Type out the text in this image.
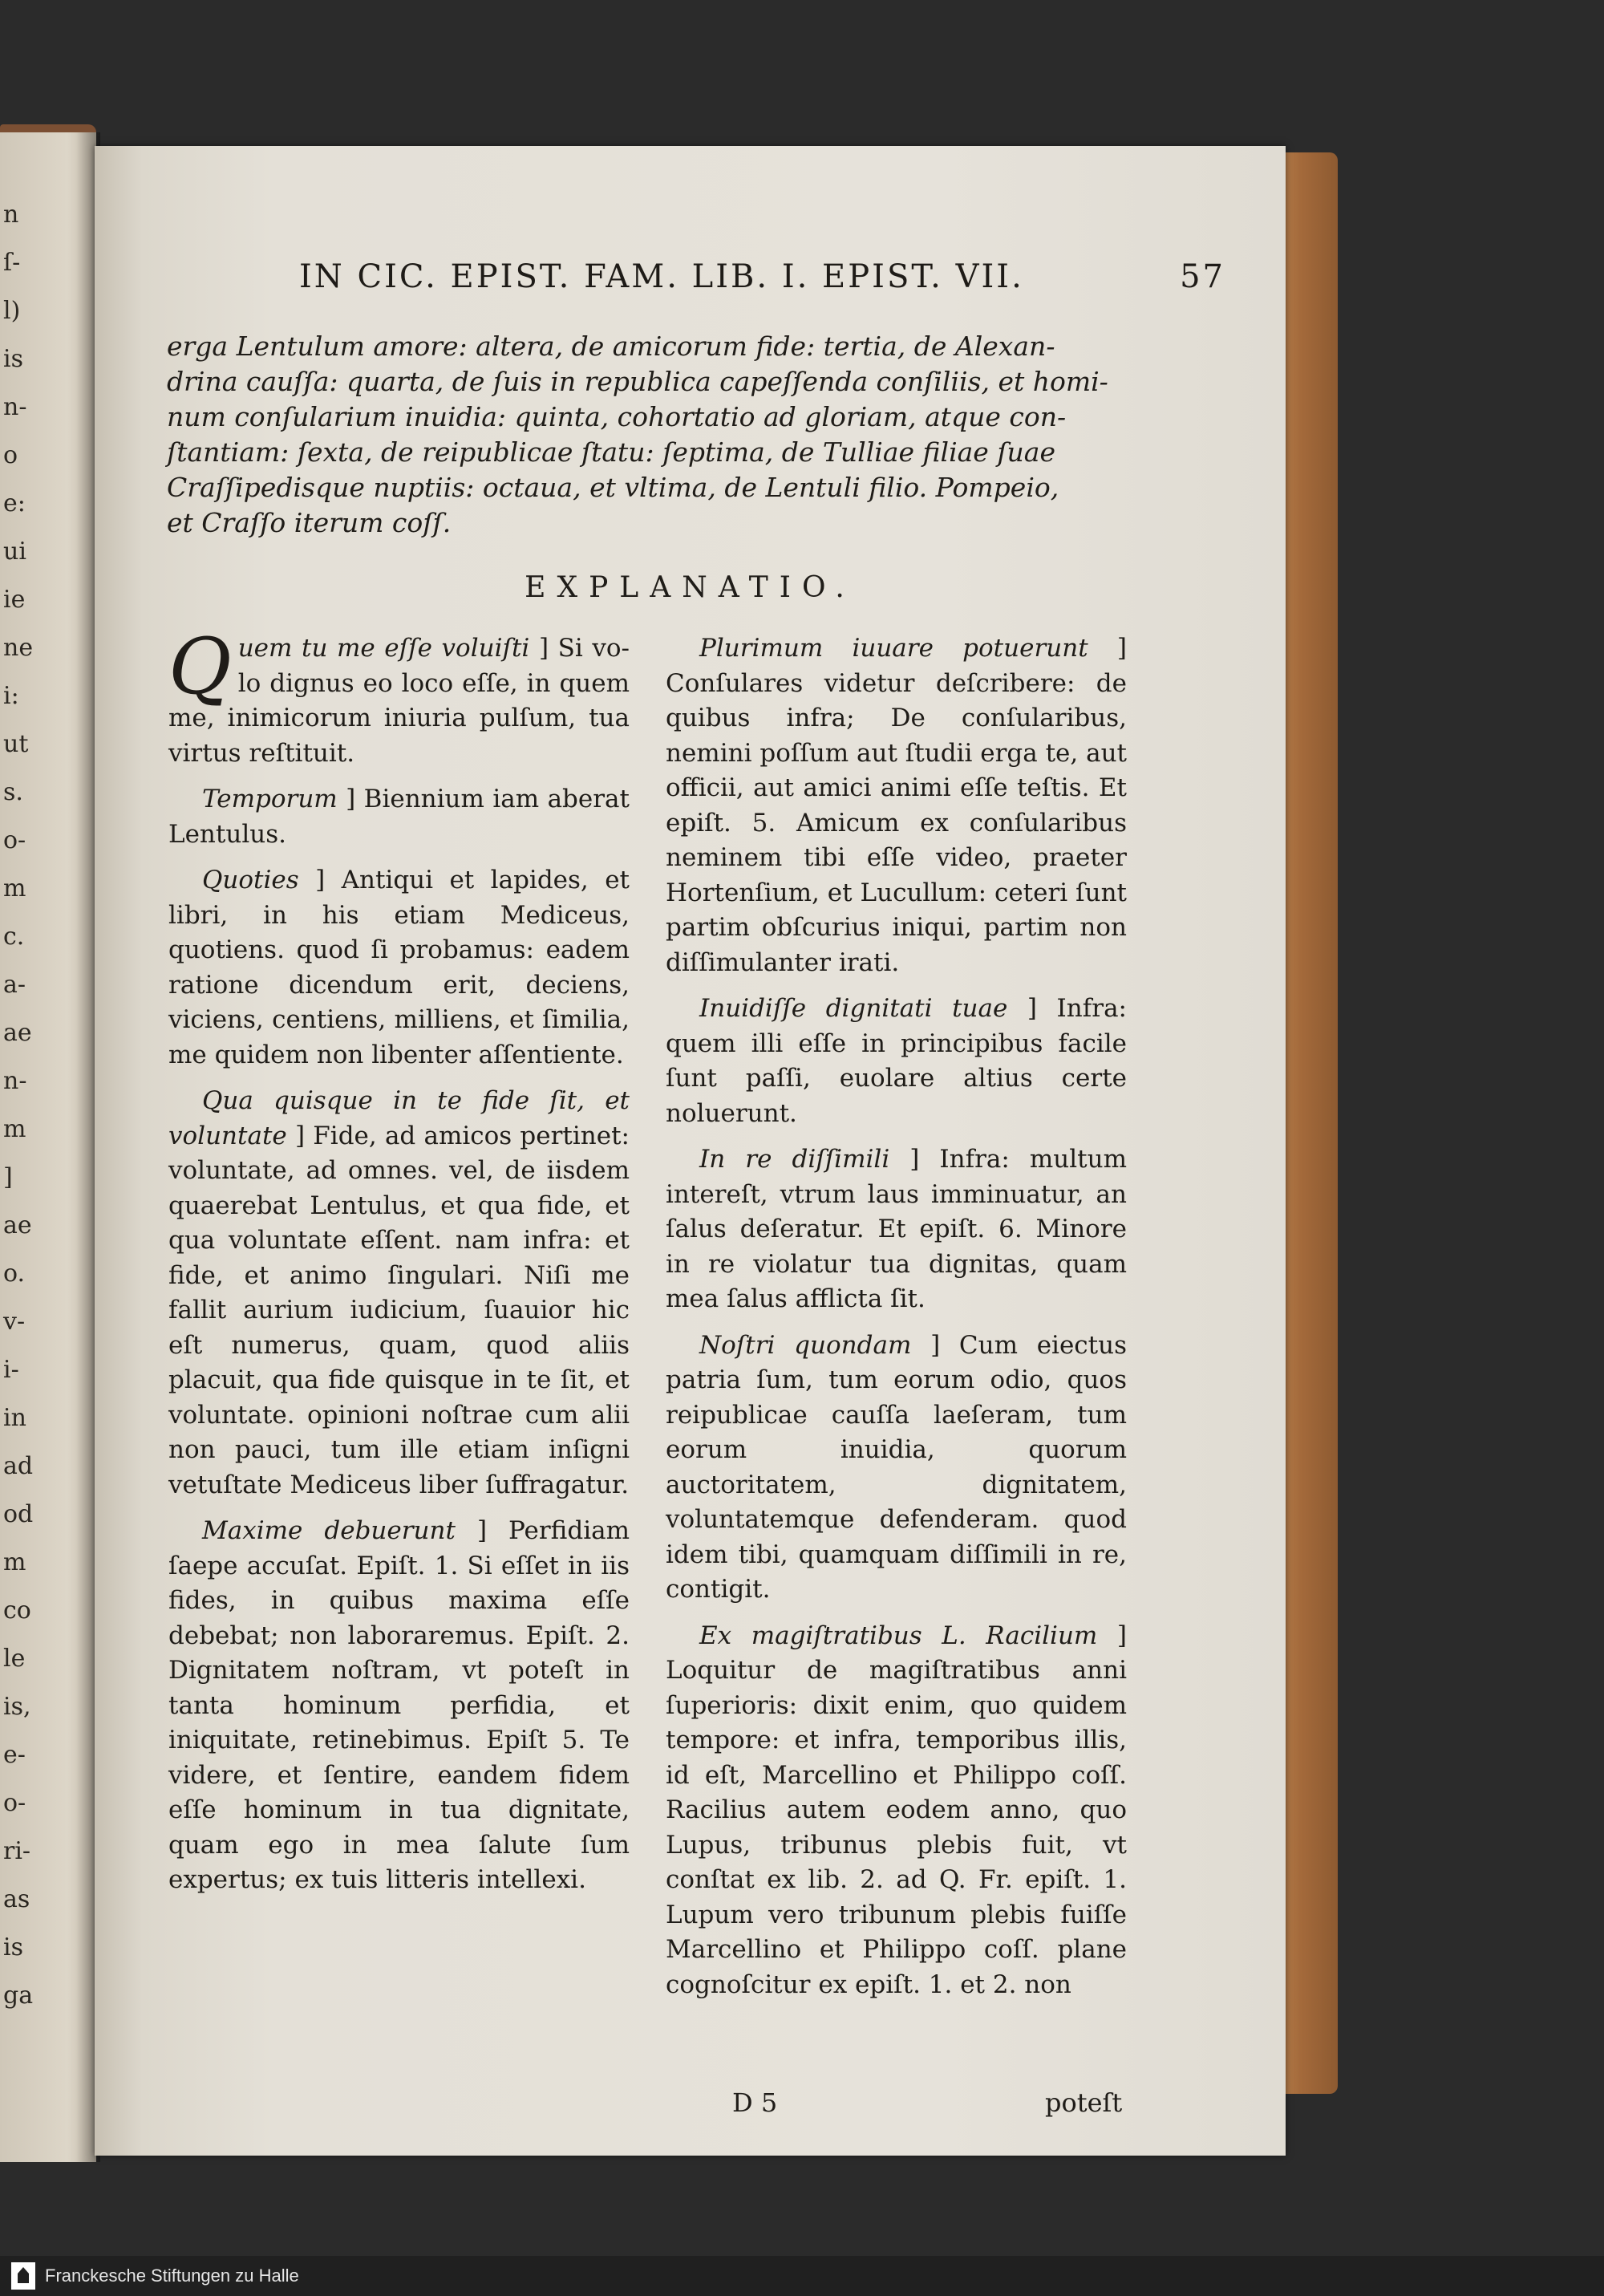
n
ſ-
l)
is
n-
o
e:
ui
ie
ne
i:
ut
s.
o-
m
c.
a-
ae
n-
m
]
ae
o.
v-
i-
in
ad
od
m
co
le
is,
e-
o-
ri-
as
is
ga
IN CIC. EPIST. FAM. LIB. I. EPIST. VII.	57
erga Lentulum amore: altera, de amicorum fide: tertia, de Alexan-
drina cauſſa: quarta, de ſuis in republica capeſſenda conſiliis, et homi-
num conſularium inuidia: quinta, cohortatio ad gloriam, atque con-
ſtantiam: ſexta, de reipublicae ſtatu: ſeptima, de Tulliae filiae ſuae
Craſſipedisque nuptiis: octaua, et vltima, de Lentuli filio. Pompeio,
et Craſſo iterum coſſ.
EXPLANATIO.

Quem tu me eſſe voluiſti ] Si vo-lo dignus eo loco eſſe, in quem me, inimicorum iniuria pulſum, tua virtus reſtituit.

Temporum ] Biennium iam aberat Lentulus.

Quoties ] Antiqui et lapides, et libri, in his etiam Mediceus, quotiens. quod ſi probamus: eadem ratione dicendum erit, deciens, viciens, centiens, milliens, et ſimilia, me quidem non libenter aſſentiente.

Qua quisque in te fide ſit, et voluntate ] Fide, ad amicos pertinet: voluntate, ad omnes. vel, de iisdem quaerebat Lentulus, et qua fide, et qua voluntate eſſent. nam infra: et fide, et animo ſingulari. Niſi me fallit aurium iudicium, ſuauior hic eſt numerus, quam, quod aliis placuit, qua fide quisque in te ſit, et voluntate. opinioni noſtrae cum alii non pauci, tum ille etiam inſigni vetuſtate Mediceus liber ſuffragatur.

Maxime debuerunt ] Perfidiam ſaepe accuſat. Epiſt. 1. Si eſſet in iis fides, in quibus maxima eſſe debebat; non laboraremus. Epiſt. 2. Dignitatem noſtram, vt poteſt in tanta hominum perfidia, et iniquitate, retinebimus. Epiſt 5. Te videre, et ſentire, eandem fidem eſſe hominum in tua dignitate, quam ego in mea ſalute ſum expertus; ex tuis litteris intellexi.

Plurimum iuuare potuerunt ] Conſulares videtur deſcribere: de quibus infra; De conſularibus, nemini poſſum aut ſtudii erga te, aut officii, aut amici animi eſſe teſtis. Et epiſt. 5. Amicum ex conſularibus neminem tibi eſſe video, praeter Hortenſium, et Lucullum: ceteri ſunt partim obſcurius iniqui, partim non diſſimulanter irati.

Inuidiſſe dignitati tuae ] Infra: quem illi eſſe in principibus facile ſunt paſſi, euolare altius certe noluerunt.

In re diſſimili ] Infra: multum intereſt, vtrum laus imminuatur, an ſalus deſeratur. Et epiſt. 6. Minore in re violatur tua dignitas, quam mea ſalus afflicta ſit.

Noſtri quondam ] Cum eiectus patria ſum, tum eorum odio, quos reipublicae cauſſa laeſeram, tum eorum inuidia, quorum auctoritatem, dignitatem, voluntatemque defenderam. quod idem tibi, quamquam diſſimili in re, contigit.

Ex magiſtratibus L. Racilium ] Loquitur de magiſtratibus anni ſuperioris: dixit enim, quo quidem tempore: et infra, temporibus illis, id eſt, Marcellino et Philippo coſſ. Racilius autem eodem anno, quo Lupus, tribunus plebis fuit, vt conſtat ex lib. 2. ad Q. Fr. epiſt. 1. Lupum vero tribunum plebis fuiſſe Marcellino et Philippo coſſ. plane cognoſcitur ex epiſt. 1. et 2. non

D 5	poteſt
Franckesche Stiftungen zu Halle
